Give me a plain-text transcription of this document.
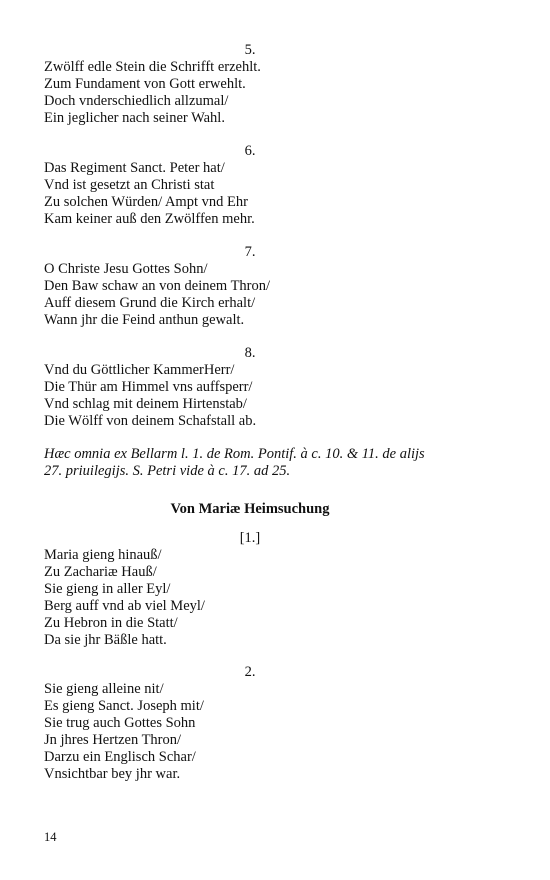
5.
Zwölff edle Stein die Schrifft erzehlt.
Zum Fundament von Gott erwehlt.
Doch vnderschiedlich allzumal/
Ein jeglicher nach seiner Wahl.
6.
Das Regiment Sanct. Peter hat/
Vnd ist gesetzt an Christi stat
Zu solchen Würden/ Ampt vnd Ehr
Kam keiner auß den Zwölffen mehr.
7.
O Christe Jesu Gottes Sohn/
Den Baw schaw an von deinem Thron/
Auff diesem Grund die Kirch erhalt/
Wann jhr die Feind anthun gewalt.
8.
Vnd du Göttlicher KammerHerr/
Die Thür am Himmel vns auffsperr/
Vnd schlag mit deinem Hirtenstab/
Die Wölff von deinem Schafstall ab.
Hæc omnia ex Bellarm l. 1. de Rom. Pontif. à c. 10. & 11. de alijs
27. priuilegijs. S. Petri vide à c. 17. ad 25.
Von Mariæ Heimsuchung
[1.]
Maria gieng hinauß/
Zu Zachariæ Hauß/
Sie gieng in aller Eyl/
Berg auff vnd ab viel Meyl/
Zu Hebron in die Statt/
Da sie jhr Bäßle hatt.
2.
Sie gieng alleine nit/
Es gieng Sanct. Joseph mit/
Sie trug auch Gottes Sohn
Jn jhres Hertzen Thron/
Darzu ein Englisch Schar/
Vnsichtbar bey jhr war.
14
